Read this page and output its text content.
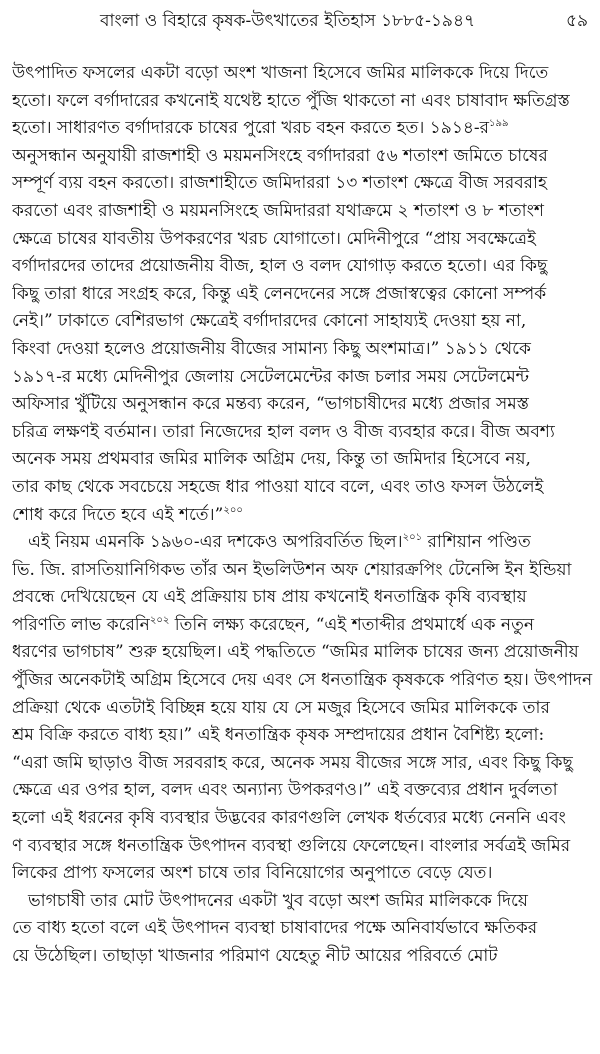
বাংলা ও বিহারে কৃষক-উৎখাতের ইতিহাস ১৮৮৫-১৯৪৭	৫৯
উৎপাদিত ফসলের একটা বড়ো অংশ খাজনা হিসেবে জমির মালিককে দিয়ে দিতে
হতো। ফলে বর্গাদারের কখনোই যথেষ্ট হাতে পুঁজি থাকতো না এবং চাষাবাদ ক্ষতিগ্রস্ত
হতো। সাধারণত বর্গাদারকে চাষের পুরো খরচ বহন করতে হত। ১৯১৪-র$^{১৯৯}$
অনুসন্ধান অনুযায়ী রাজশাহী ও ময়মনসিংহে বর্গাদাররা ৫৬ শতাংশ জমিতে চাষের
সম্পূর্ণ ব্যয় বহন করতো। রাজশাহীতে জমিদাররা ১৩ শতাংশ ক্ষেত্রে বীজ সরবরাহ
করতো এবং রাজশাহী ও ময়মনসিংহে জমিদাররা যথাক্রমে ২ শতাংশ ও ৮ শতাংশ
ক্ষেত্রে চাষের যাবতীয় উপকরণের খরচ যোগাতো। মেদিনীপুরে “প্রায় সবক্ষেত্রেই
বর্গাদারদের তাদের প্রয়োজনীয় বীজ, হাল ও বলদ যোগাড় করতে হতো। এর কিছু
কিছু তারা ধারে সংগ্রহ করে, কিন্তু এই লেনদেনের সঙ্গে প্রজাস্বত্বের কোনো সম্পর্ক
নেই।” ঢাকাতে বেশিরভাগ ক্ষেত্রেই বর্গাদারদের কোনো সাহায্যই দেওয়া হয় না,
কিংবা দেওয়া হলেও প্রয়োজনীয় বীজের সামান্য কিছু অংশমাত্র।” ১৯১১ থেকে
১৯১৭-র মধ্যে মেদিনীপুর জেলায় সেটেলমেন্টের কাজ চলার সময় সেটেলমেন্ট
অফিসার খুঁটিয়ে অনুসন্ধান করে মন্তব্য করেন, “ভাগচাষীদের মধ্যে প্রজার সমস্ত
চরিত্র লক্ষণই বর্তমান। তারা নিজেদের হাল বলদ ও বীজ ব্যবহার করে। বীজ অবশ্য
অনেক সময় প্রথমবার জমির মালিক অগ্রিম দেয়, কিন্তু তা জমিদার হিসেবে নয়,
তার কাছ থেকে সবচেয়ে সহজে ধার পাওয়া যাবে বলে, এবং তাও ফসল উঠলেই
শোধ করে দিতে হবে এই শর্তে।”$^{২০০}$
এই নিয়ম এমনকি ১৯৬০-এর দশকেও অপরিবর্তিত ছিল।$^{২০১}$ রাশিয়ান পণ্ডিত
ভি. জি. রাসতিয়ানিগিকভ তাঁর অন ইভলিউশন অফ শেয়ারক্রপিং টেনেন্সি ইন ইন্ডিয়া
প্রবন্ধে দেখিয়েছেন যে এই প্রক্রিয়ায় চাষ প্রায় কখনোই ধনতান্ত্রিক কৃষি ব্যবস্থায়
পরিণতি লাভ করেনি$^{২০২}$ তিনি লক্ষ্য করেছেন, “এই শতাব্দীর প্রথমার্ধে এক নতুন
ধরণের ভাগচাষ” শুরু হয়েছিল। এই পদ্ধতিতে “জমির মালিক চাষের জন্য প্রয়োজনীয়
পুঁজির অনেকটাই অগ্রিম হিসেবে দেয় এবং সে ধনতান্ত্রিক কৃষককে পরিণত হয়। উৎপাদন
প্রক্রিয়া থেকে এতটাই বিচ্ছিন্ন হয়ে যায় যে সে মজুর হিসেবে জমির মালিককে তার
শ্রম বিক্রি করতে বাধ্য হয়।” এই ধনতান্ত্রিক কৃষক সম্প্রদায়ের প্রধান বৈশিষ্ট্য হলো:
“এরা জমি ছাড়াও বীজ সরবরাহ করে, অনেক সময় বীজের সঙ্গে সার, এবং কিছু কিছু
ক্ষেত্রে এর ওপর হাল, বলদ এবং অন্যান্য উপকরণও।” এই বক্তব্যের প্রধান দুর্বলতা
হলো এই ধরনের কৃষি ব্যবস্থার উদ্ভবের কারণগুলি লেখক ধর্তব্যের মধ্যে নেননি এবং
ণ ব্যবস্থার সঙ্গে ধনতান্ত্রিক উৎপাদন ব্যবস্থা গুলিয়ে ফেলেছেন। বাংলার সর্বত্রই জমির
লিকের প্রাপ্য ফসলের অংশ চাষে তার বিনিয়োগের অনুপাতে বেড়ে যেত।
ভাগচাষী তার মোট উৎপাদনের একটা খুব বড়ো অংশ জমির মালিককে দিয়ে
তে বাধ্য হতো বলে এই উৎপাদন ব্যবস্থা চাষাবাদের পক্ষে অনিবার্যভাবে ক্ষতিকর
য়ে উঠেছিল। তাছাড়া খাজনার পরিমাণ যেহেতু নীট আয়ের পরিবর্তে মোট
